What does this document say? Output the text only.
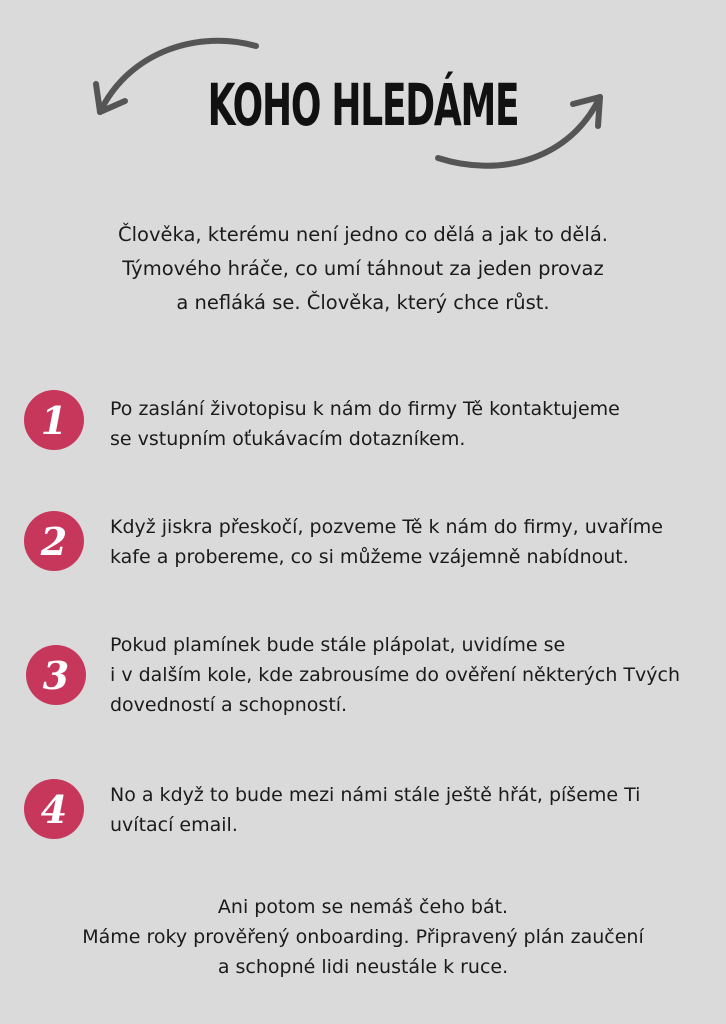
KOHO HLEDÁME
Člověka, kterému není jedno co dělá a jak to dělá.
Týmového hráče, co umí táhnout za jeden provaz
a nefláká se. Člověka, který chce růst.
1 Po zaslání životopisu k nám do firmy Tě kontaktujeme
se vstupním oťukávacím dotazníkem.
2 Když jiskra přeskočí, pozveme Tě k nám do firmy, uvaříme
kafe a probereme, co si můžeme vzájemně nabídnout.
3
Pokud plamínek bude stále plápolat, uvidíme se
i v dalším kole, kde zabrousíme do ověření některých Tvých
dovedností a schopností.
4 No a když to bude mezi námi stále ještě hřát, píšeme Ti
uvítací email.
Ani potom se nemáš čeho bát.
Máme roky prověřený onboarding. Připravený plán zaučení
a schopné lidi neustále k ruce.
